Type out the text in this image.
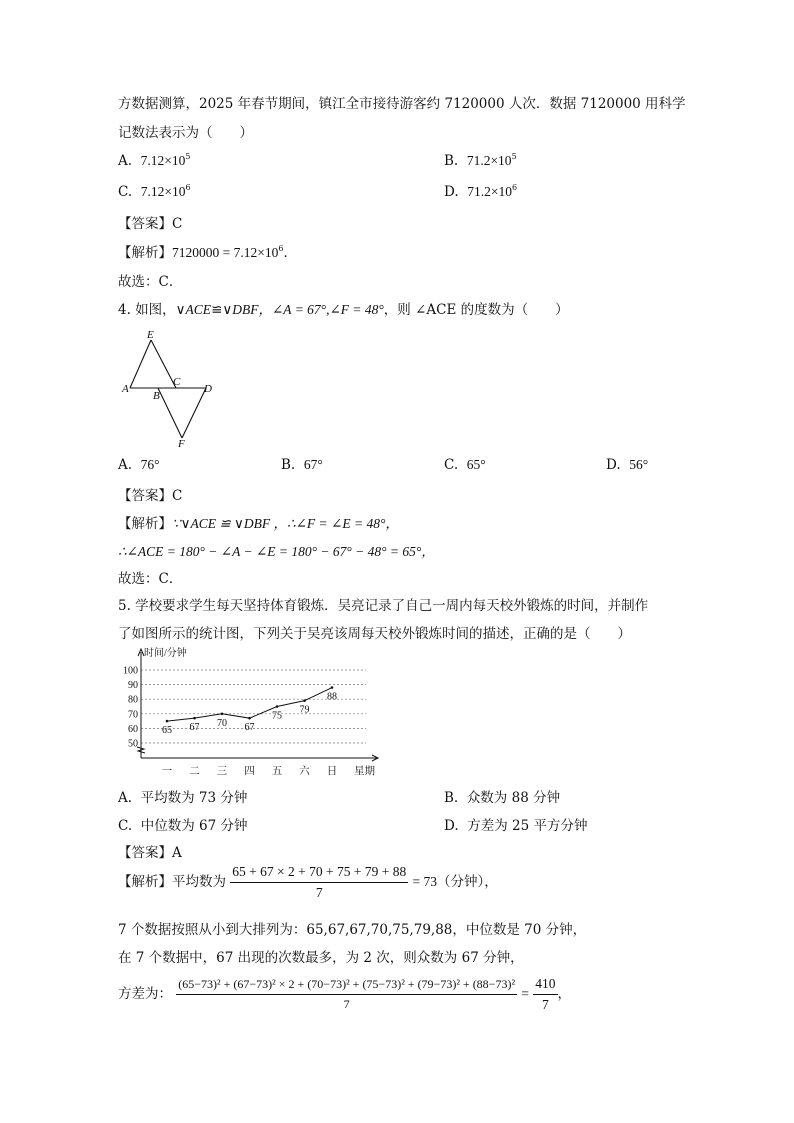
方数据测算，2025 年春节期间，镇江全市接待游客约 7120000 人次．数据 7120000 用科学
记数法表示为（　　）
A. $7.12\times 10^5$	B. $71.2\times 10^5$
C. $7.12\times 10^6$	D. $71.2\times 10^6$
【答案】C
【解析】$7120000 = 7.12\times 10^6$．
故选：C．
4. 如图，∨ACE≌∨DBF，∠A = 67°,∠F = 48°，则 ∠ACE 的度数为（　　）
E
A
C
B
D
F
A. 76°	B. 67°	C. 65°	D. 56°
【答案】C
【解析】∵∨ACE ≌ ∨DBF ，∴∠F = ∠E = 48°，
∴∠ACE = 180° − ∠A − ∠E = 180° − 67° − 48° = 65°，
故选：C．
5. 学校要求学生每天坚持体育锻炼．吴亮记录了自己一周内每天校外锻炼的时间，并制作
了如图所示的统计图，下列关于吴亮该周每天校外锻炼时间的描述，正确的是（　　）
50
60
70
80
90
100
时间/分钟
星期
一 二 三 四 五 六 日
65 67 70 67
75
79
88
A. 平均数为 73 分钟	B. 众数为 88 分钟
C. 中位数为 67 分钟	D. 方差为 25 平方分钟
【答案】A
【解析】平均数为 $\frac{65 + 67 \times 2 + 70 + 75 + 79 + 88}{7} = 73$（分钟），
7 个数据按照从小到大排列为：65,67,67,70,75,79,88，中位数是 70 分钟，
在 7 个数据中，67 出现的次数最多，为 2 次，则众数为 67 分钟，
方差为：
(65−73)² + (67−73)² × 2 + (70−73)² + (75−73)² + (79−73)² + (88−73)²
7
= $\frac{410}{7}$ ，
